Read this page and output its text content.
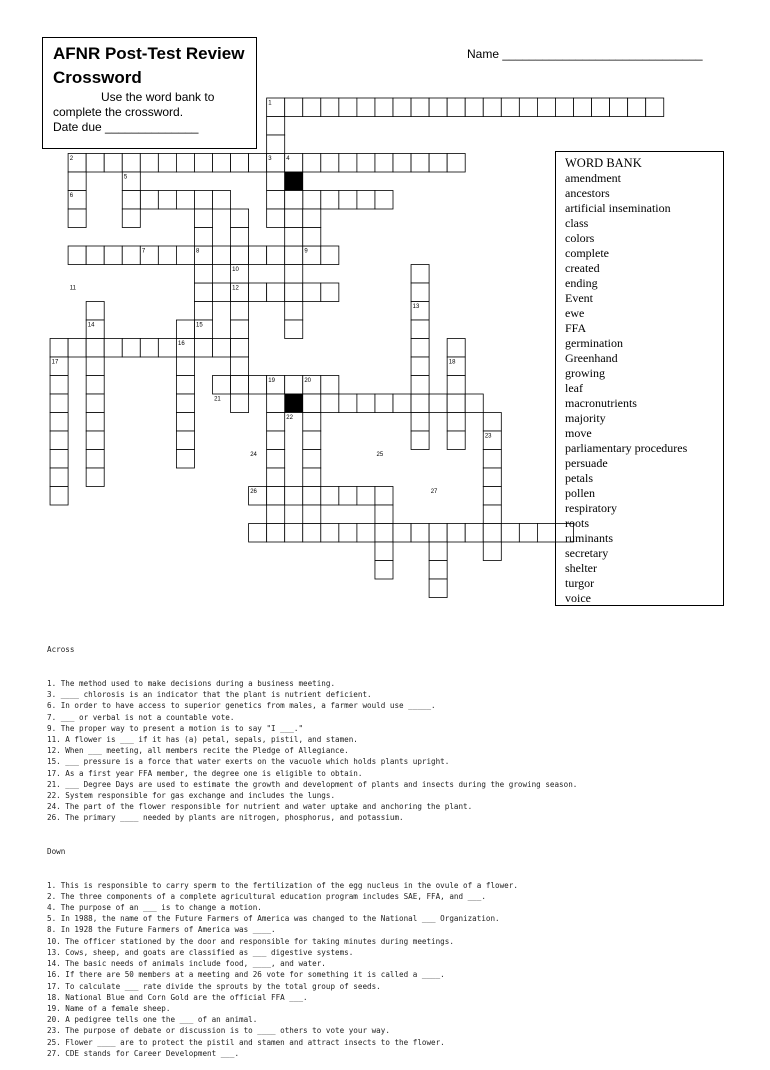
AFNR Post-Test Review Crossword
Use the word bank to
complete the crossword.
Date due ______________
Name ______________________________
1
2	3 4
5
6
7	8	9
10
11	12
13
14	15
16
17	18
19	20
21
22
23
24	25
26	27
WORD BANK
amendment
ancestors
artificial insemination
class
colors
complete
created
ending
Event
ewe
FFA
germination
Greenhand
growing
leaf
macronutrients
majority
move
parliamentary procedures
persuade
petals
pollen
respiratory
roots
ruminants
secretary
shelter
turgor
voice

Across

1. The method used to make decisions during a business meeting.
3. ____ chlorosis is an indicator that the plant is nutrient deficient.
6. In order to have access to superior genetics from males, a farmer would use _____.
7. ___ or verbal is not a countable vote.
9. The proper way to present a motion is to say "I ___."
11. A flower is ___ if it has (a) petal, sepals, pistil, and stamen.
12. When ___ meeting, all members recite the Pledge of Allegiance.
15. ___ pressure is a force that water exerts on the vacuole which holds plants upright.
17. As a first year FFA member, the degree one is eligible to obtain.
21. ___ Degree Days are used to estimate the growth and development of plants and insects during the growing season.
22. System responsible for gas exchange and includes the lungs.
24. The part of the flower responsible for nutrient and water uptake and anchoring the plant.
26. The primary ____ needed by plants are nitrogen, phosphorus, and potassium.

Down

1. This is responsible to carry sperm to the fertilization of the egg nucleus in the ovule of a flower.
2. The three components of a complete agricultural education program includes SAE, FFA, and ___.
4. The purpose of an ___ is to change a motion.
5. In 1988, the name of the Future Farmers of America was changed to the National ___ Organization.
8. In 1928 the Future Farmers of America was ____.
10. The officer stationed by the door and responsible for taking minutes during meetings.
13. Cows, sheep, and goats are classified as ___ digestive systems.
14. The basic needs of animals include food, ____, and water.
16. If there are 50 members at a meeting and 26 vote for something it is called a ____.
17. To calculate ___ rate divide the sprouts by the total group of seeds.
18. National Blue and Corn Gold are the official FFA ___.
19. Name of a female sheep.
20. A pedigree tells one the ___ of an animal.
23. The purpose of debate or discussion is to ____ others to vote your way.
25. Flower ____ are to protect the pistil and stamen and attract insects to the flower.
27. CDE stands for Career Development ___.
